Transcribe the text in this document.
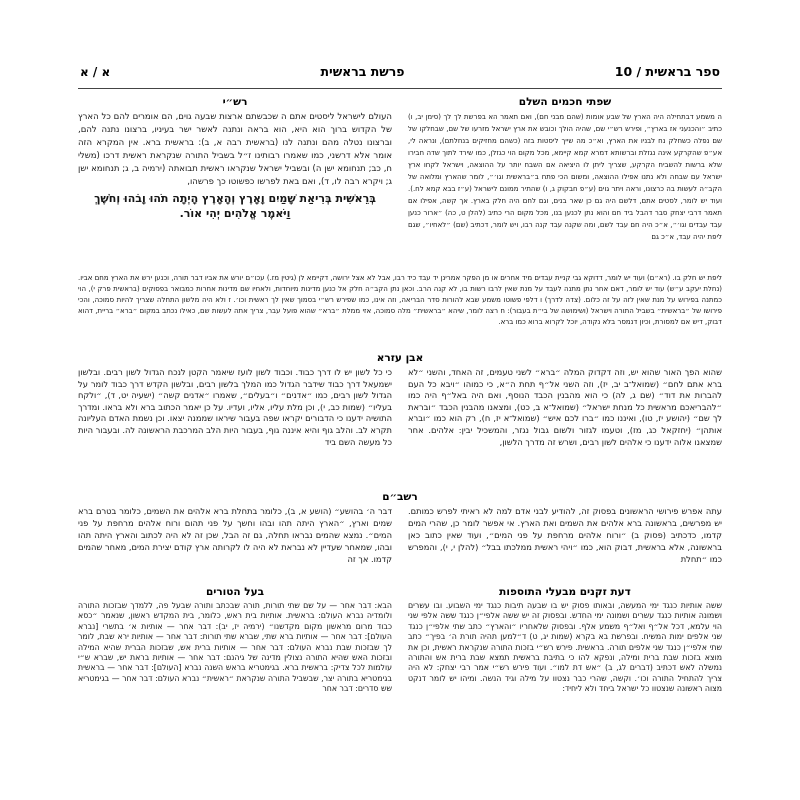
ספר בראשית / 10
פרשת בראשית
א / א
שפתי חכמים השלם
רש״י

ה משמע דבתחילה היה הארץ של שבע אומות (שהם מבני חם), ואם תאמר הא בפרשת לך לך (סימן יב, ו) כתיב ״והכנעני אז בארץ״, ופירש רש״י שם, שהיה הולך וכובש את ארץ ישראל מזרעו של שם, שבחלקו של שם נפלה כשחלק נח לבניו את הארץ, וא״כ מה שייך ליסטות בזה (כשהם מחזיקים בנחלתם), ונראה לי, אע״פ שהקרקע אינה נגזלת וברשותא דמרא קמא קיימא, מכל מקום הוי כגזלן, כמו שירד לתוך שדה חבירו שלא ברשות להשביח הקרקע, שצריך ליתן לו היציאה אם השבח יותר על ההוצאה, וישראל לקחו ארץ ישראל עם שבחה ולא נתנו אפילו ההוצאה, ומשום הכי פתח ב״בראשית וגו׳״, לומר שהארץ ומלואה של הקב״ה לעשות בה כרצונו, וראה ויתר גוים (ע״פ חבקוק ג, ו) שהתיר ממונם לישראל (ע״ז בבא קמא לח.). ועוד יש לומר, לסטים אתם, דלשם היה גם כן שאר בנים, וגם לחם היה חלק בארץ. אך קשה, אפילו אם תאמר דרבי יצחק סבר דהבל ביד חם והוא נתן לכנען בנו, מכל מקום הרי כתיב (להלן ט, כה) ״ארור כנען עבד עבדים וגו׳״, א״כ היה חם עבד לשם, ומה שקנה עבד קנה רבו, ויש לומר, דכתיב (שם) ״לאחיו״, שגם ליפת יהיה עבד, א״כ גם

העולם לישראל ליסטים אתם ה שכבשתם ארצות שבעה גוים, הם אומרים להם כל הארץ של הקדוש ברוך הוא היא, הוא בראה ונתנה לאשר ישר בעיניו, ברצונו נתנה להם, וברצונו נטלה מהם ונתנה לנו (בראשית רבה א, ב): בראשית ברא. אין המקרא הזה אומר אלא דרשני, כמו שאמרו רבותינו ז״ל בשביל התורה שנקראת ראשית דרכו (משלי ח, כב; תנחומא ישן ה) ובשביל ישראל שנקראו ראשית תבואתה (ירמיה ב, ג; תנחומא ישן ג; ויקרא רבה לו, ד), ואם באת לפרשו כפשוטו כך פרשהו,

בְּרֵאשִׁית בְּרִיאַת שָׁמַיִם וָאָרֶץ וְהָאָרֶץ הָיְתָה תֹהוּ וָבֹהוּ וְחֹשֶׁךְ וַיֹּאמֶר אֱלֹהִים יְהִי אוֹר.
ליפת יש חלק בו. (רא״ם) ועוד יש לומר, דדוקא גבי קניית עבדים מיד אחרים או מן הפקר אמרינן יד עבד כיד רבו, אבל לא אצל ירושה, דקיימא לן (גיטין מז.) עכו״ם יורש את אביו דבר תורה, וכנען ירש את הארץ מחם אביו. (נחלת יעקב ע״ש) עוד יש לומר, דאם אחר נתן מתנה לעבד על מנת שאין לרבו רשות בו, לא קנה הרב. וכאן נתן הקב״ה חלק אל כנען מדינות מיוחדות, ולאחיו שם מדינות אחרות כמבואר בפסוקים (בראשית פרק י), הוי כמתנה בפירוש על מנת שאין לזה על זה כלום. (צדה לדרך) ו דלפי פשוטו משמע שבא להורות סדר הבריאה, וזה אינו, כמו שפירש רש״י בסמוך שאין לך ראשית וכו׳. ז ולא היה מלשון התחלה שצריך להיות סמוכה, והכי פירושו של ״בראשית״ בשביל התורה וישראל (ושימושה של בי״ת בעבור): ח רצה לומר, שיהא ״בראשית״ מלה סמוכה, אזי ממלת ״ברא״ שהוא פועל עבר, צריך אתה לעשות שם, כאילו נכתב במקום ״ברא״ בריית, דהוא דבוק, דיש אם למסורת, וכיון דנמסר בלא נקודה, יוכל לקרוא ברוא כמו ברא.
אבן עזרא

שהוא הפך האור שהוא יש, וזה דקדוק המלה ״ברא״ לשני טעמים, זה האחד, והשני ״לא ברא אתם לחם״ (שמואל־ב יב, יז), וזה השני אל״ף תחת ה״א, כי כמוהו ״ויבא כל העם להברות את דוד״ (שם ג, לה) כי הוא מהבנין הכבד הנוסף, ואם היה באל״ף היה כמו ״להבריאכם מראשית כל מנחת ישראל״ (שמואל־א ב, כט), ומצאנו מהבנין הכבד ״ובראת לך שם״ (יהושע יז, טו), ואיננו כמו ״ברו לכם איש״ (שמואל־א יז, ח), רק הוא כמו ״וברא אותהן״ (יחזקאל כג, מז), וטעמו לגזור ולשום גבול נגזר, והמשכיל יבין: אלהים. אחר שמצאנו אלוה ידענו כי אלהים לשון רבים, ושרש זה מדרך הלשון,

כי כל לשון יש לו דרך כבוד. וכבוד לשון לועז שיאמר הקטן לנכח הגדול לשון רבים. ובלשון ישמעאל דרך כבוד שידבר הגדול כמו המלך בלשון רבים, ובלשון הקדש דרך כבוד לומר על הגדול לשון רבים, כמו ״אדנים״ ו״בעלים״, שאמרו ״אדנים קשה״ (ישעיה יט, ד), ״ולקח בעליו״ (שמות כב, י), וכן מלת עליו, אליו, ועדיו. על כן יאמר הכתוב ברא ולא בראו. ומדרך התושיה ידענו כי הדבורים יקראו שפה בעבור שיראו שממנה יצאו. וכן נשמת האדם העליונה תקרא לב. והלב גוף והיא איננה גוף, בעבור היות הלב המרכבת הראשונה לה. ובעבור היות כל מעשה השם ביד

רשב״ם

עתה אפרש פירושי הראשונים בפסוק זה, להודיע לבני אדם למה לא ראיתי לפרש כמותם. יש מפרשים, בראשונה ברא אלהים את השמים ואת הארץ. אי אפשר לומר כן, שהרי המים קדמו, כדכתיב (פסוק ב) ״ורוח אלהים מרחפת על פני המים״, ועוד שאין כתוב כאן בראשונה, אלא בראשית, דבוק הוא, כמו ״ויהי ראשית ממלכתו בבל״ (להלן י, י), והמפרש כמו ״תחלת

דבר ה׳ בהושע״ (הושע א, ב), כלומר בתחלת ברא אלהים את השמים, כלומר בטרם ברא שמים וארץ, ״הארץ היתה תהו ובהו וחשך על פני תהום ורוח אלהים מרחפת על פני המים״. נמצא שהמים נבראו תחלה, גם זה הבל, שכן זה לא היה לכתוב והארץ היתה תהו ובהו, שמאחר שעדיין לא נבראת לא היה לו לקרותה ארץ קודם יצירת המים, מאחר שהמים קדמו. אך זה

דעת זקנים מבעלי התוספות
בעל הטורים

ששה אותיות כנגד ימי המעשה, ובאותו פסוק יש בו שבעה תיבות כנגד ימי השבוע. ובו עשרים ושמונה אותיות כנגד עשרים ושמונה ימי החדש. ובפסוק זה יש ששה אלפי״ן כנגד ששה אלפי שני הוי עלמא, דכל אל״ף ואל״ף משמע אלף. ובפסוק שלאחריו ״והארץ״ כתב שתי אלפי״ן כנגד שני אלפים ימות המשיח. ובפרשת בא בקרא (שמות יג, ט) ד״למען תהיה תורת ה׳ בפיך״ כתב שתי אלפי״ן כנגד שני אלפים תורה. בראשית. פירש רש״י בזכות התורה שנקראת ראשית, וכן את מוצא בזכות שבת ברית ומילה, ונפקא להו כי בתיבת בראשית תמצא שבת ברית אש והתורה נמשלה לאש דכתיב (דברים לג, ב) ״אש דת למו״. ועוד פירש רש״י אמר רבי יצחק: לא היה צריך להתחיל התורה וכו׳. וקשה, שהרי כבר נצטוו על מילה וגיד הנשה. ומיהו יש לומר דנקט מצוה ראשונה שנצטוו כל ישראל ביחד ולא ליחיד:

הבא: דבר אחר — על שם שתי תורות, תורה שבכתב ותורה שבעל פה, ללמדך שבזכות התורה ולומדיה נברא העולם: בראשית. אותיות בית ראש, כלומר, בית המקדש ראשון, שנאמר ״כסא כבוד מרום מראשון מקום מקדשנו״ (ירמיה יז, יב): דבר אחר — אותיות א׳ בתשרי [נברא העולם]: דבר אחר — אותיות ברא שתי, שברא שתי תורות: דבר אחר — אותיות ירא שבת, לומר לך שבזכות שבת נברא העולם: דבר אחר — אותיות ברית אש, שבזכות הברית שהיא המילה ובזכות האש שהיא התורה נצולין מדינה של גיהנם: דבר אחר — אותיות בראת יש, שברא ש״י עולמות לכל צדיק: בראשית ברא. בגימטריא בראש השנה נברא [העולם]: דבר אחר — בראשית בגימטריא בתורה יצר, שבשביל התורה שנקראת ״ראשית״ נברא העולם: דבר אחר — בגימטריא שש סדרים: דבר אחר
